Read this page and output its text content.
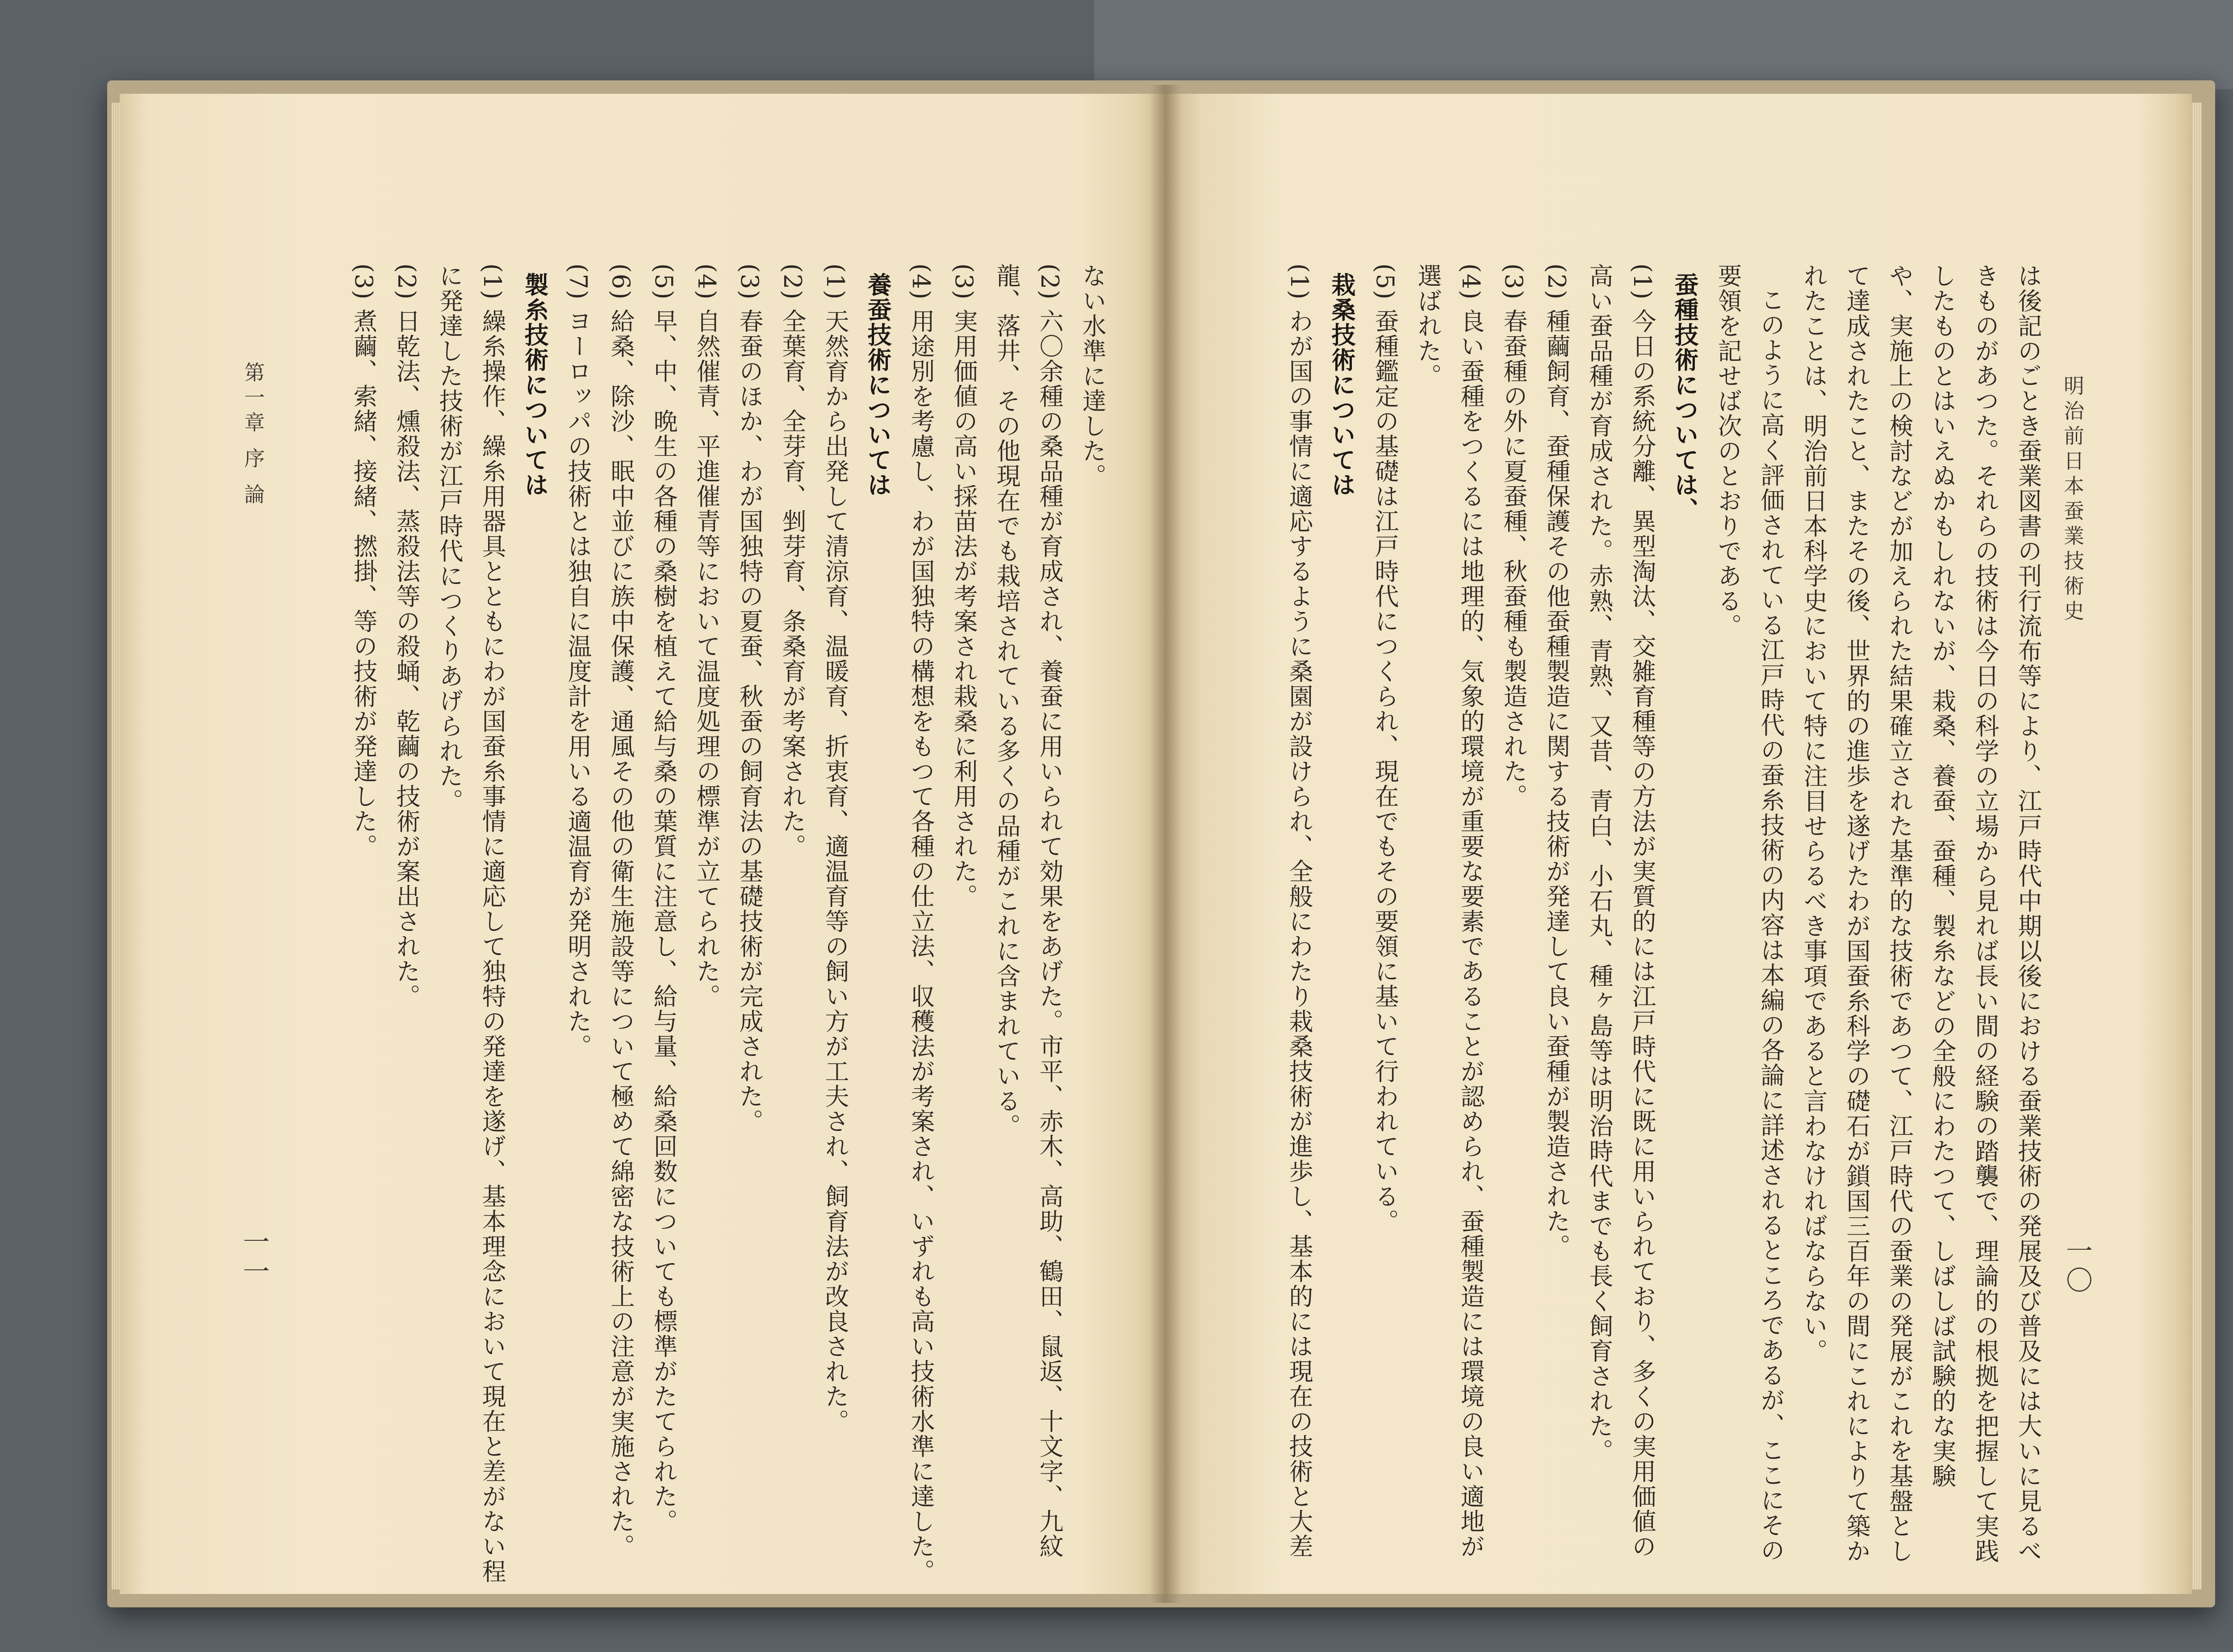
ない水準に達した。
(2) 六〇余種の桑品種が育成され、養蚕に用いられて効果をあげた。市平、赤木、高助、鶴田、鼠返、十文字、九紋
龍、落井、その他現在でも栽培されている多くの品種がこれに含まれている。
(3) 実用価値の高い採苗法が考案され栽桑に利用された。
(4) 用途別を考慮し、わが国独特の構想をもつて各種の仕立法、収穫法が考案され、いずれも高い技術水準に達した。
養蚕技術については
(1) 天然育から出発して清涼育、温暖育、折衷育、適温育等の飼い方が工夫され、飼育法が改良された。
(2) 全葉育、全芽育、剉芽育、条桑育が考案された。
(3) 春蚕のほか、わが国独特の夏蚕、秋蚕の飼育法の基礎技術が完成された。
(4) 自然催青、平進催青等において温度処理の標準が立てられた。
(5) 早、中、晩生の各種の桑樹を植えて給与桑の葉質に注意し、給与量、給桑回数についても標準がたてられた。
(6) 給桑、除沙、眠中並びに族中保護、通風その他の衛生施設等について極めて綿密な技術上の注意が実施された。
(7) ヨーロッパの技術とは独自に温度計を用いる適温育が発明された。
製糸技術については
(1) 繰糸操作、繰糸用器具とともにわが国蚕糸事情に適応して独特の発達を遂げ、基本理念において現在と差がない程
に発達した技術が江戸時代につくりあげられた。
(2) 日乾法、燻殺法、蒸殺法等の殺蛹、乾繭の技術が案出された。
(3) 煮繭、索緒、接緒、撚掛、等の技術が発達した。
第一章 序 論
一一
明治前日本蚕業技術史
一〇
は後記のごとき蚕業図書の刊行流布等により、江戸時代中期以後における蚕業技術の発展及び普及には大いに見るべ
きものがあつた。それらの技術は今日の科学の立場から見れば長い間の経験の踏襲で、理論的の根拠を把握して実践
したものとはいえぬかもしれないが、栽桑、養蚕、蚕種、製糸などの全般にわたつて、しばしば試験的な実験
や、実施上の検討などが加えられた結果確立された基準的な技術であつて、江戸時代の蚕業の発展がこれを基盤とし
て達成されたこと、またその後、世界的の進歩を遂げたわが国蚕糸科学の礎石が鎖国三百年の間にこれによりて築か
れたことは、明治前日本科学史において特に注目せらるべき事項であると言わなければならない。
このように高く評価されている江戸時代の蚕糸技術の内容は本編の各論に詳述されるところであるが、ここにその
要領を記せば次のとおりである。
蚕種技術については、
(1) 今日の系統分離、異型淘汰、交雑育種等の方法が実質的には江戸時代に既に用いられており、多くの実用価値の
高い蚕品種が育成された。赤熟、青熟、又昔、青白、小石丸、種ヶ島等は明治時代までも長く飼育された。
(2) 種繭飼育、蚕種保護その他蚕種製造に関する技術が発達して良い蚕種が製造された。
(3) 春蚕種の外に夏蚕種、秋蚕種も製造された。
(4) 良い蚕種をつくるには地理的、気象的環境が重要な要素であることが認められ、蚕種製造には環境の良い適地が
選ばれた。
(5) 蚕種鑑定の基礎は江戸時代につくられ、現在でもその要領に基いて行われている。
栽桑技術については
(1) わが国の事情に適応するように桑園が設けられ、全般にわたり栽桑技術が進歩し、基本的には現在の技術と大差
